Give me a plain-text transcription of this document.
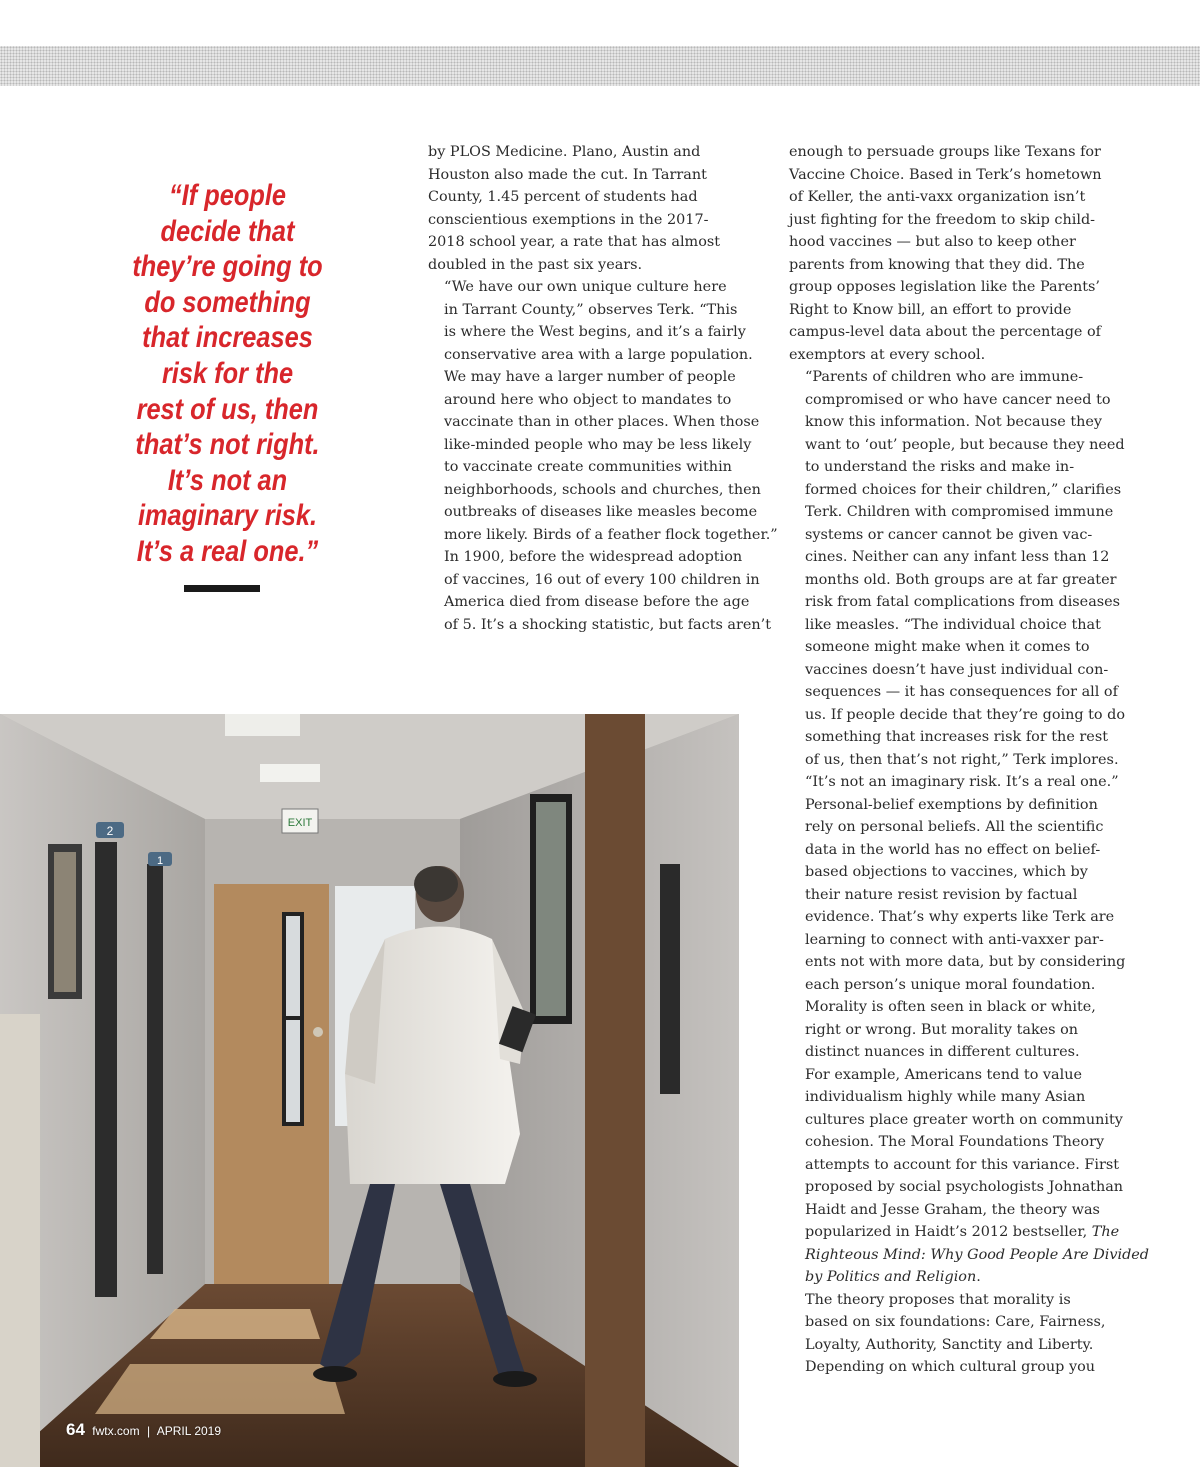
“If people
decide that
they’re going to
do something
that increases
risk for the
rest of us, then
that’s not right.
It’s not an
imaginary risk.
It’s a real one.”

by PLOS Medicine. Plano, Austin and
Houston also made the cut. In Tarrant
County, 1.45 percent of students had
conscientious exemptions in the 2017-
2018 school year, a rate that has almost
doubled in the past six years.

“We have our own unique culture here
in Tarrant County,” observes Terk. “This
is where the West begins, and it’s a fairly
conservative area with a large population.
We may have a larger number of people
around here who object to mandates to
vaccinate than in other places. When those
like-minded people who may be less likely
to vaccinate create communities within
neighborhoods, schools and churches, then
outbreaks of diseases like measles become
more likely. Birds of a feather flock together.”

In 1900, before the widespread adoption
of vaccines, 16 out of every 100 children in
America died from disease before the age
of 5. It’s a shocking statistic, but facts aren’t

enough to persuade groups like Texans for
Vaccine Choice. Based in Terk’s hometown
of Keller, the anti-vaxx organization isn’t
just fighting for the freedom to skip child-
hood vaccines — but also to keep other
parents from knowing that they did. The
group opposes legislation like the Parents’
Right to Know bill, an effort to provide
campus-level data about the percentage of
exemptors at every school.

“Parents of children who are immune-
compromised or who have cancer need to
know this information. Not because they
want to ‘out’ people, but because they need
to understand the risks and make in-
formed choices for their children,” clarifies
Terk. Children with compromised immune
systems or cancer cannot be given vac-
cines. Neither can any infant less than 12
months old. Both groups are at far greater
risk from fatal complications from diseases
like measles. “The individual choice that
someone might make when it comes to
vaccines doesn’t have just individual con-
sequences — it has consequences for all of
us. If people decide that they’re going to do
something that increases risk for the rest
of us, then that’s not right,” Terk implores.
“It’s not an imaginary risk. It’s a real one.”

Personal-belief exemptions by definition
rely on personal beliefs. All the scientific
data in the world has no effect on belief-
based objections to vaccines, which by
their nature resist revision by factual
evidence. That’s why experts like Terk are
learning to connect with anti-vaxxer par-
ents not with more data, but by considering
each person’s unique moral foundation.

Morality is often seen in black or white,
right or wrong. But morality takes on
distinct nuances in different cultures.
For example, Americans tend to value
individualism highly while many Asian
cultures place greater worth on community
cohesion. The Moral Foundations Theory
attempts to account for this variance. First
proposed by social psychologists Johnathan
Haidt and Jesse Graham, the theory was
popularized in Haidt’s 2012 bestseller, The
Righteous Mind: Why Good People Are Divided
by Politics and Religion.

The theory proposes that morality is
based on six foundations: Care, Fairness,
Loyalty, Authority, Sanctity and Liberty.
Depending on which cultural group you

EXIT
2
1
64 fwtx.com | APRIL 2019
